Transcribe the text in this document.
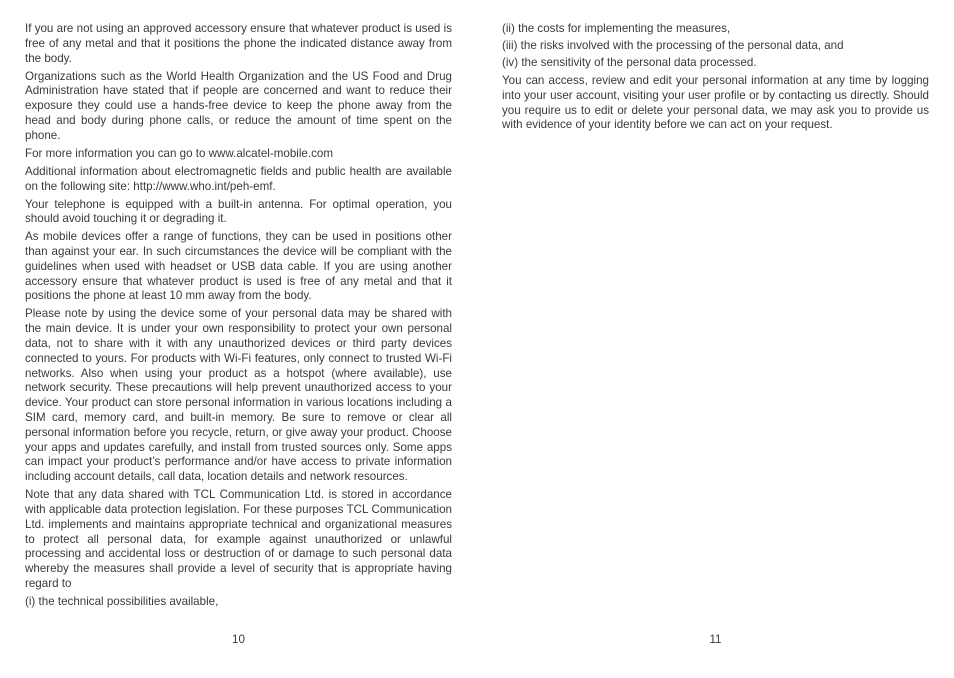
If you are not using an approved accessory ensure that whatever product is used is free of any metal and that it positions the phone the indicated distance away from the body.

Organizations such as the World Health Organization and the US Food and Drug Administration have stated that if people are concerned and want to reduce their exposure they could use a hands-free device to keep the phone away from the head and body during phone calls, or reduce the amount of time spent on the phone.

For more information you can go to www.alcatel-mobile.com

Additional information about electromagnetic fields and public health are available on the following site: http://www.who.int/peh-emf.

Your telephone is equipped with a built-in antenna. For optimal operation, you should avoid touching it or degrading it.

As mobile devices offer a range of functions, they can be used in positions other than against your ear. In such circumstances the device will be compliant with the guidelines when used with headset or USB data cable. If you are using another accessory ensure that whatever product is used is free of any metal and that it positions the phone at least 10 mm away from the body.

Please note by using the device some of your personal data may be shared with the main device. It is under your own responsibility to protect your own personal data, not to share with it with any unauthorized devices or third party devices connected to yours. For products with Wi-Fi features, only connect to trusted Wi-Fi networks. Also when using your product as a hotspot (where available), use network security. These precautions will help prevent unauthorized access to your device. Your product can store personal information in various locations including a SIM card, memory card, and built-in memory. Be sure to remove or clear all personal information before you recycle, return, or give away your product. Choose your apps and updates carefully, and install from trusted sources only. Some apps can impact your product’s performance and/or have access to private information including account details, call data, location details and network resources.

Note that any data shared with TCL Communication Ltd. is stored in accordance with applicable data protection legislation. For these purposes TCL Communication Ltd. implements and maintains appropriate technical and organizational measures to protect all personal data, for example against unauthorized or unlawful processing and accidental loss or destruction of or damage to such personal data whereby the measures shall provide a level of security that is appropriate having regard to

(i) the technical possibilities available,

10

(ii) the costs for implementing the measures,

(iii) the risks involved with the processing of the personal data, and

(iv) the sensitivity of the personal data processed.

You can access, review and edit your personal information at any time by logging into your user account, visiting your user profile or by contacting us directly. Should you require us to edit or delete your personal data, we may ask you to provide us with evidence of your identity before we can act on your request.

11
